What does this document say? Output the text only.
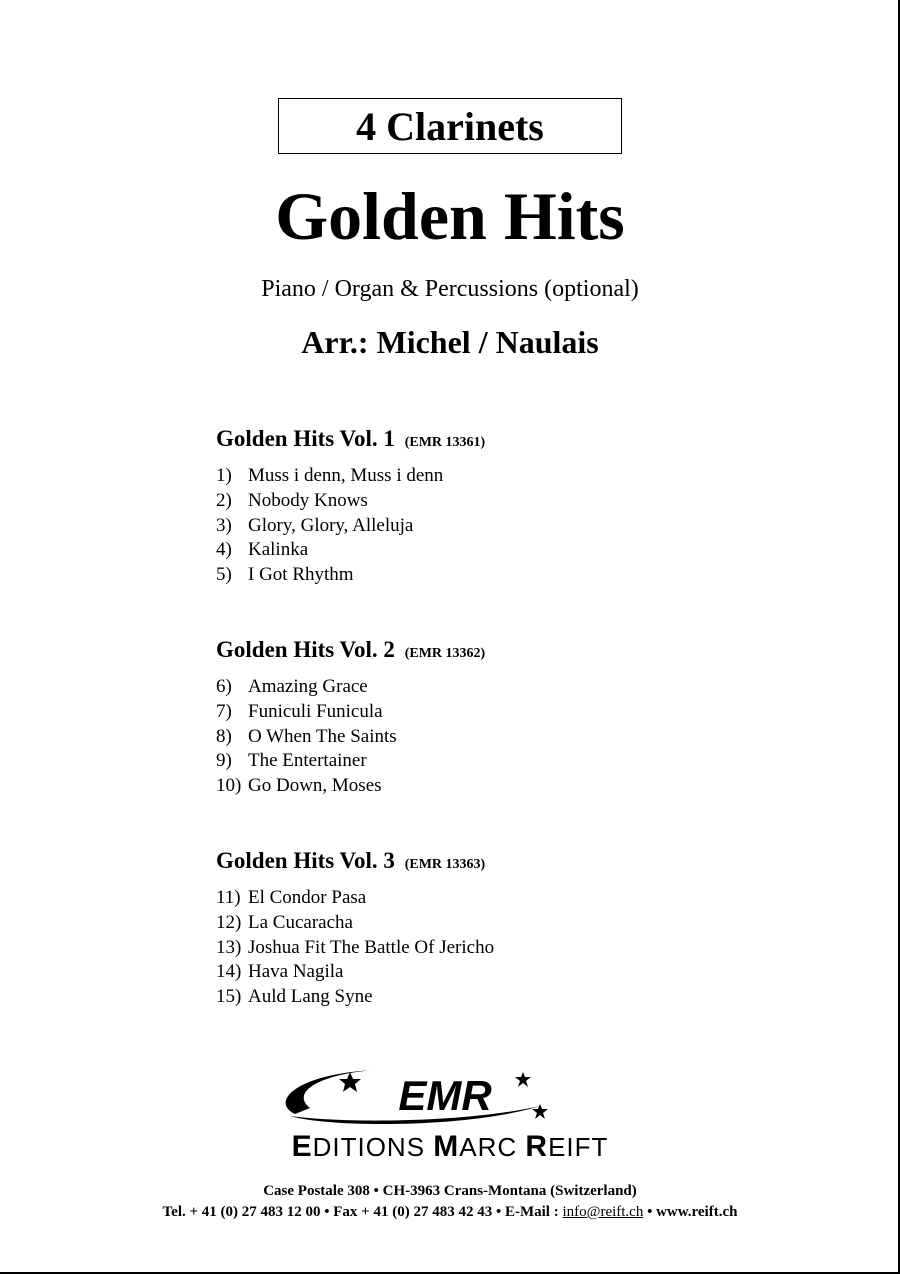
4 Clarinets
Golden Hits
Piano / Organ & Percussions (optional)
Arr.: Michel / Naulais
Golden Hits Vol. 1 (EMR 13361)
1) Muss i denn, Muss i denn
2) Nobody Knows
3) Glory, Glory, Alleluja
4) Kalinka
5) I Got Rhythm
Golden Hits Vol. 2 (EMR 13362)
6) Amazing Grace
7) Funiculi Funicula
8) O When The Saints
9) The Entertainer
10) Go Down, Moses
Golden Hits Vol. 3 (EMR 13363)
11) El Condor Pasa
12) La Cucaracha
13) Joshua Fit The Battle Of Jericho
14) Hava Nagila
15) Auld Lang Syne
EMR
EDITIONS MARC REIFT
Case Postale 308 • CH-3963 Crans-Montana (Switzerland)
Tel. + 41 (0) 27 483 12 00 • Fax + 41 (0) 27 483 42 43 • E-Mail : info@reift.ch • www.reift.ch
